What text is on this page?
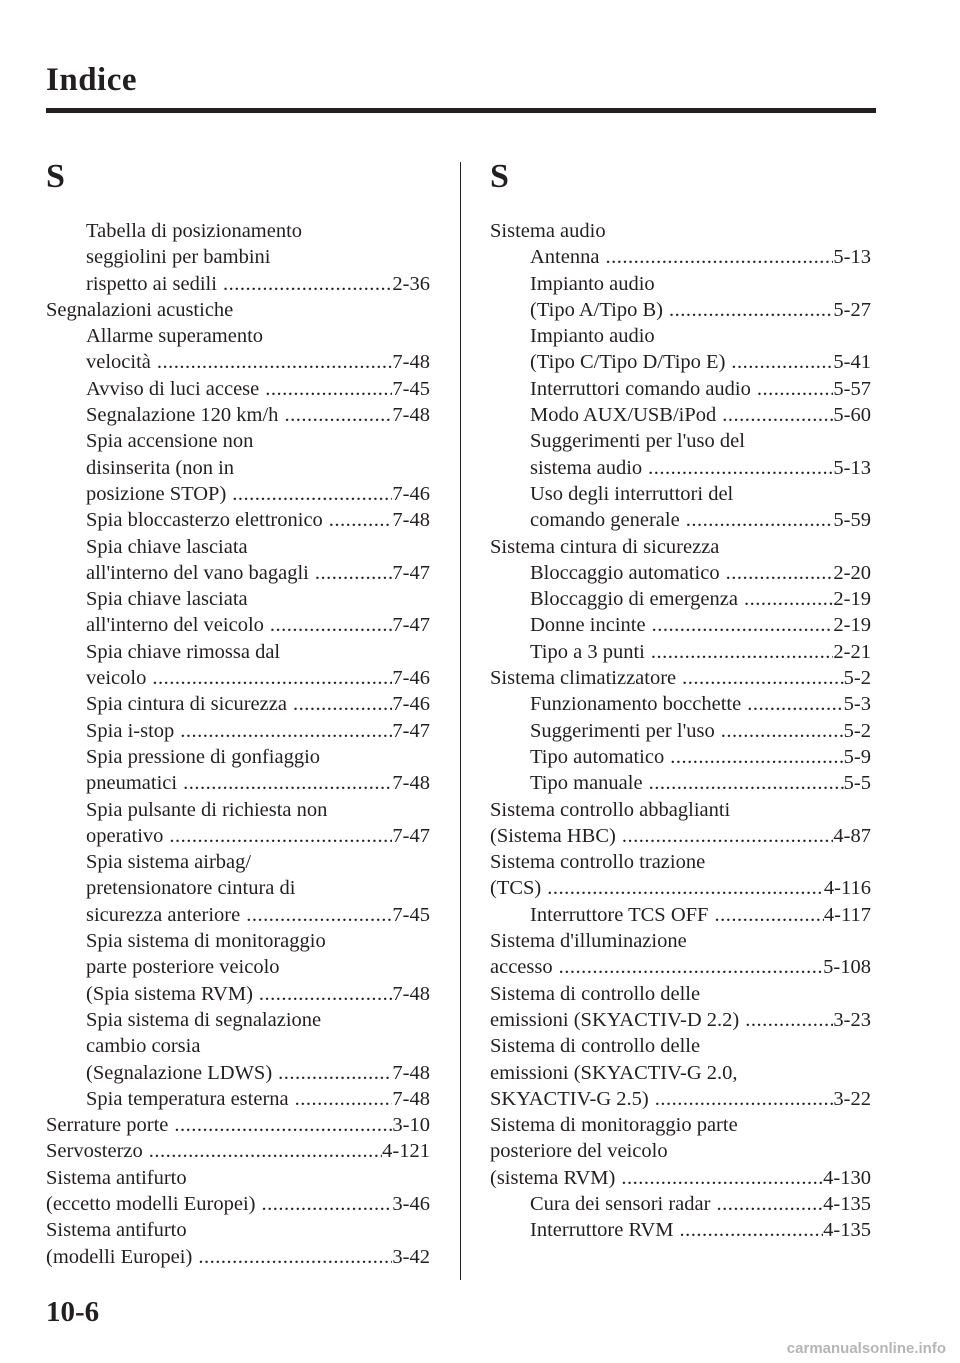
Indice
S
Tabella di posizionamento
seggiolini per bambini
rispetto ai sedili .....	2-36
Segnalazioni acustiche
Allarme superamento
velocità .....	7-48
Avviso di luci accese .....	7-45
Segnalazione 120 km/h .....	7-48
Spia accensione non
disinserita (non in
posizione STOP) .....	7-46
Spia bloccasterzo elettronico .....	7-48
Spia chiave lasciata
all'interno del vano bagagli .....	7-47
Spia chiave lasciata
all'interno del veicolo .....	7-47
Spia chiave rimossa dal
veicolo .....	7-46
Spia cintura di sicurezza .....	7-46
Spia i-stop .....	7-47
Spia pressione di gonfiaggio
pneumatici .....	7-48
Spia pulsante di richiesta non
operativo .....	7-47
Spia sistema airbag/
pretensionatore cintura di
sicurezza anteriore .....	7-45
Spia sistema di monitoraggio
parte posteriore veicolo
(Spia sistema RVM) .....	7-48
Spia sistema di segnalazione
cambio corsia
(Segnalazione LDWS) .....	7-48
Spia temperatura esterna .....	7-48
Serrature porte .....	3-10
Servosterzo .....	4-121
Sistema antifurto
(eccetto modelli Europei) .....	3-46
Sistema antifurto
(modelli Europei) .....	3-42
S
Sistema audio
Antenna .....	5-13
Impianto audio
(Tipo A/Tipo B) .....	5-27
Impianto audio
(Tipo C/Tipo D/Tipo E) .....	5-41
Interruttori comando audio .....	5-57
Modo AUX/USB/iPod .....	5-60
Suggerimenti per l'uso del
sistema audio .....	5-13
Uso degli interruttori del
comando generale .....	5-59
Sistema cintura di sicurezza
Bloccaggio automatico .....	2-20
Bloccaggio di emergenza .....	2-19
Donne incinte .....	2-19
Tipo a 3 punti .....	2-21
Sistema climatizzatore .....	5-2
Funzionamento bocchette .....	5-3
Suggerimenti per l'uso .....	5-2
Tipo automatico .....	5-9
Tipo manuale .....	5-5
Sistema controllo abbaglianti
(Sistema HBC) .....	4-87
Sistema controllo trazione
(TCS) .....	4-116
Interruttore TCS OFF .....	4-117
Sistema d'illuminazione
accesso .....	5-108
Sistema di controllo delle
emissioni (SKYACTIV-D 2.2) .....	3-23
Sistema di controllo delle
emissioni (SKYACTIV-G 2.0,
SKYACTIV-G 2.5) .....	3-22
Sistema di monitoraggio parte
posteriore del veicolo
(sistema RVM) .....	4-130
Cura dei sensori radar .....	4-135
Interruttore RVM .....	4-135
10-6
carmanualsonline.info
